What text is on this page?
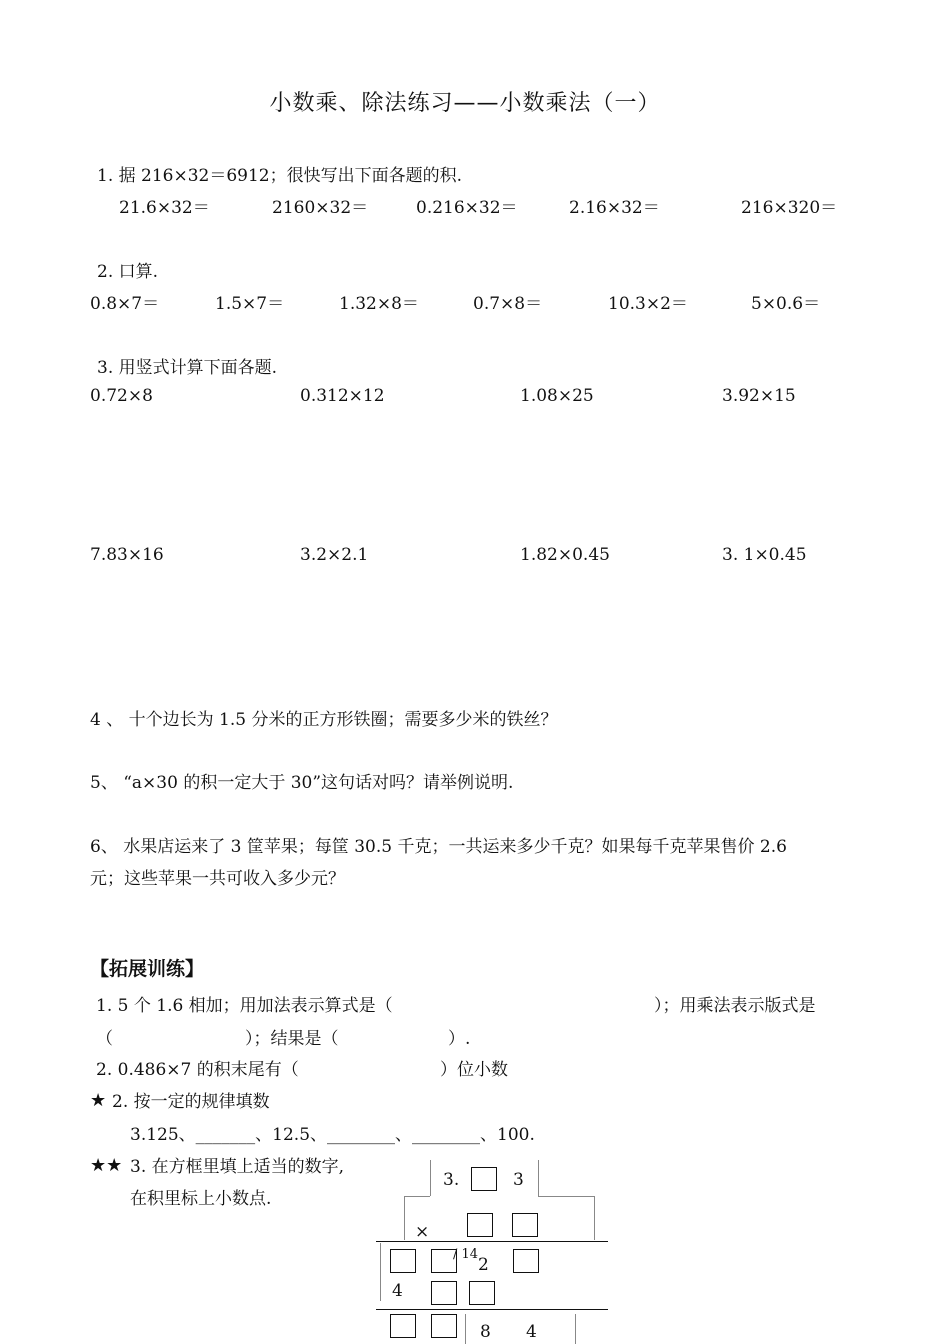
小数乘、除法练习——小数乘法（一）
1. 据 216×32＝6912；很快写出下面各题的积.
21.6×32＝	2160×32＝	0.216×32＝	2.16×32＝	216×320＝
2. 口算.
0.8×7＝	1.5×7＝	1.32×8＝	0.7×8＝	10.3×2＝	5×0.6＝
3. 用竖式计算下面各题.
0.72×8	0.312×12	1.08×25	3.92×15
7.83×16	3.2×2.1	1.82×0.45	3. 1×0.45
4 、 十个边长为 1.5 分米的正方形铁圈；需要多少米的铁丝？
5、 “a×30 的积一定大于 30”这句话对吗？请举例说明.
6、 水果店运来了 3 筐苹果；每筐 30.5 千克；一共运来多少千克？如果每千克苹果售价 2.6
元；这些苹果一共可收入多少元？
【拓展训练】
1. 5 个 1.6 相加；用加法表示算式是（	）；用乘法表示版式是
（	）；结果是（	）.
2. 0.486×7 的积末尾有（	）位小数
★ 2. 按一定的规律填数
3.125、_______、12.5、________、________、100.
★★ 3. 在方框里填上适当的数字,
在积里标上小数点.
3.	3
×
/ 14
2
4
8 4
